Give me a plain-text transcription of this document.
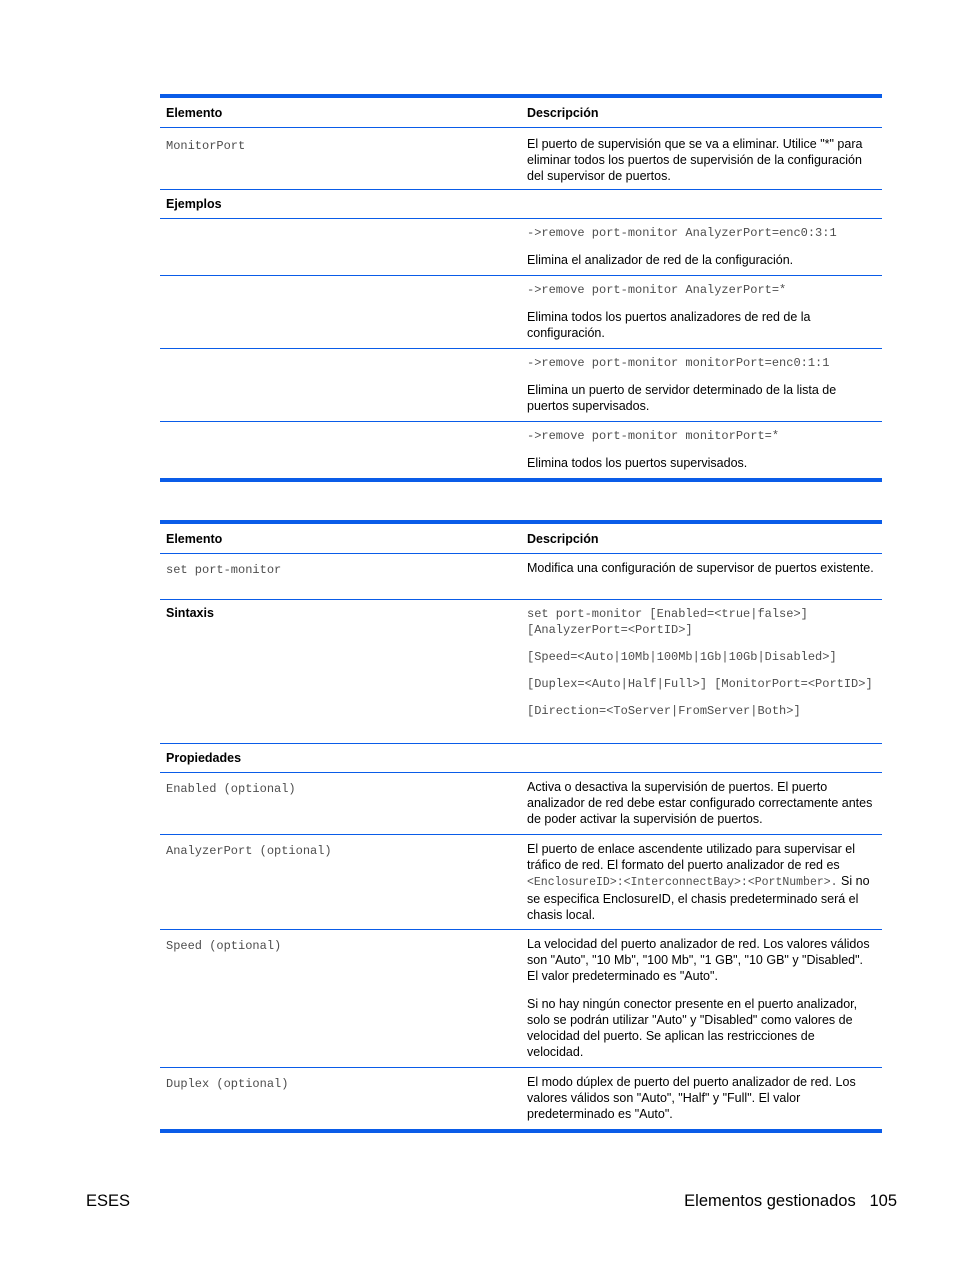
Elemento	Descripción
MonitorPort	El puerto de supervisión que se va a eliminar. Utilice "*" para eliminar todos los puertos de supervisión de la configuración del supervisor de puertos.
Ejemplos
->remove port-monitor AnalyzerPort=enc0:3:1
Elimina el analizador de red de la configuración.
->remove port-monitor AnalyzerPort=*
Elimina todos los puertos analizadores de red de la configuración.
->remove port-monitor monitorPort=enc0:1:1
Elimina un puerto de servidor determinado de la lista de puertos supervisados.
->remove port-monitor monitorPort=*
Elimina todos los puertos supervisados.
Elemento	Descripción
set port-monitor	Modifica una configuración de supervisor de puertos existente.
Sintaxis	set port-monitor [Enabled=<true|false>] [AnalyzerPort=<PortID>]
[Speed=<Auto|10Mb|100Mb|1Gb|10Gb|Disabled>]
[Duplex=<Auto|Half|Full>] [MonitorPort=<PortID>]
[Direction=<ToServer|FromServer|Both>]
Propiedades
Enabled (optional)	Activa o desactiva la supervisión de puertos. El puerto analizador de red debe estar configurado correctamente antes de poder activar la supervisión de puertos.
AnalyzerPort (optional)	El puerto de enlace ascendente utilizado para supervisar el tráfico de red. El formato del puerto analizador de red es <EnclosureID>:<InterconnectBay>:<PortNumber>. Si no se especifica EnclosureID, el chasis predeterminado será el chasis local.
Speed (optional)	La velocidad del puerto analizador de red. Los valores válidos son "Auto", "10 Mb", "100 Mb", "1 GB", "10 GB" y "Disabled". El valor predeterminado es "Auto".
Si no hay ningún conector presente en el puerto analizador, solo se podrán utilizar "Auto" y "Disabled" como valores de velocidad del puerto. Se aplican las restricciones de velocidad.
Duplex (optional)	El modo dúplex de puerto del puerto analizador de red. Los valores válidos son "Auto", "Half" y "Full". El valor predeterminado es "Auto".
ESES	Elementos gestionados 105
